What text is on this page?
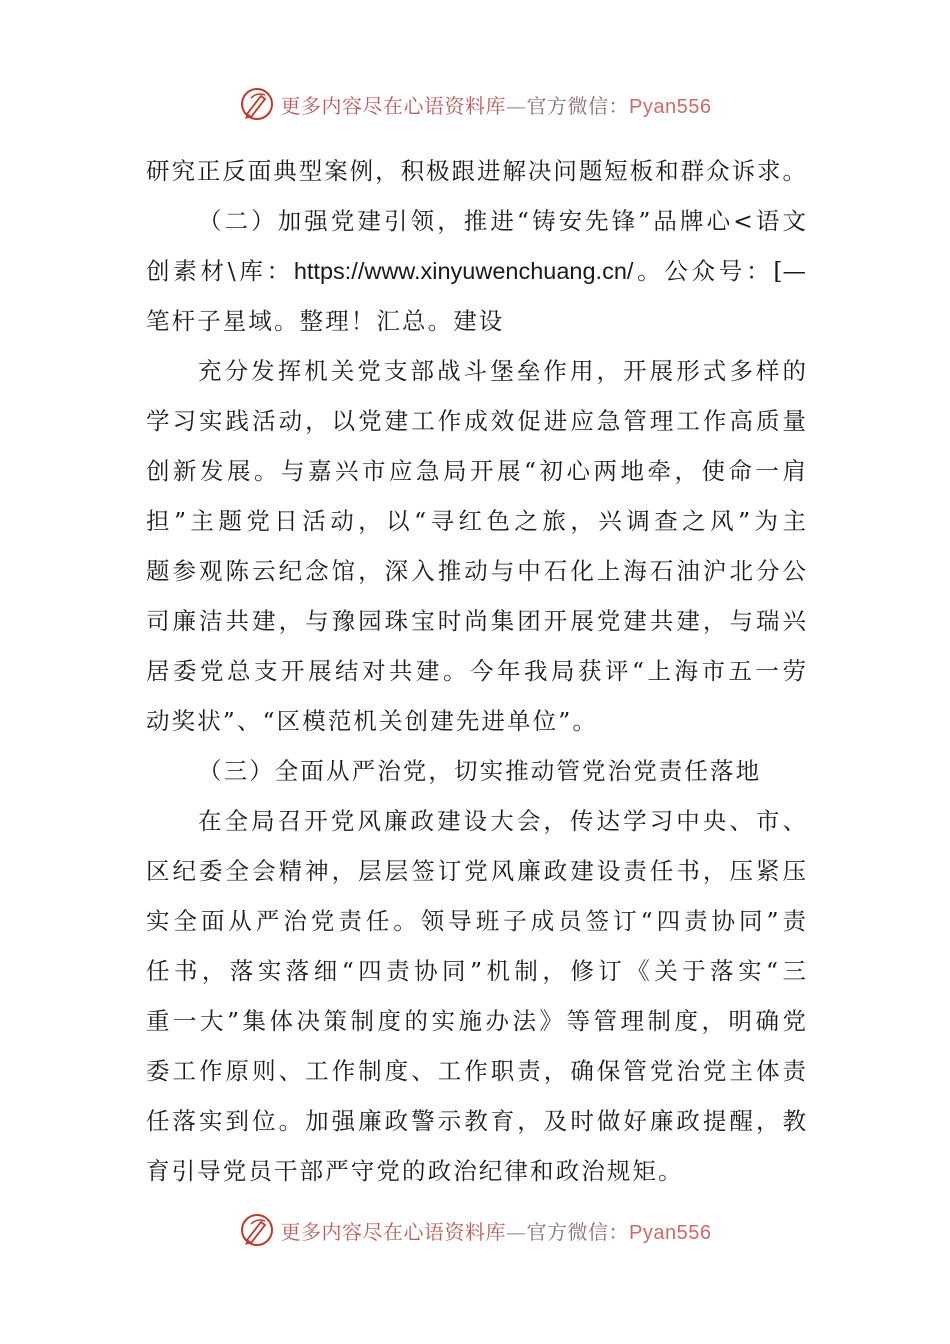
更多内容尽在心语资料库—官方微信：Pyan556
研究正反面典型案例，积极跟进解决问题短板和群众诉求。
（二）加强党建引领，推进“铸安先锋”品牌心<语文
创素材\库：https://www.xinyuwenchuang.cn/。公众号：[—
笔杆子星域。整理！汇总。建设
充分发挥机关党支部战斗堡垒作用，开展形式多样的
学习实践活动，以党建工作成效促进应急管理工作高质量
创新发展。与嘉兴市应急局开展“初心两地牵，使命一肩
担”主题党日活动，以“寻红色之旅，兴调查之风”为主
题参观陈云纪念馆，深入推动与中石化上海石油沪北分公
司廉洁共建，与豫园珠宝时尚集团开展党建共建，与瑞兴
居委党总支开展结对共建。今年我局获评“上海市五一劳
动奖状”、“区模范机关创建先进单位”。
（三）全面从严治党，切实推动管党治党责任落地
在全局召开党风廉政建设大会，传达学习中央、市、
区纪委全会精神，层层签订党风廉政建设责任书，压紧压
实全面从严治党责任。领导班子成员签订“四责协同”责
任书，落实落细“四责协同”机制，修订《关于落实“三
重一大”集体决策制度的实施办法》等管理制度，明确党
委工作原则、工作制度、工作职责，确保管党治党主体责
任落实到位。加强廉政警示教育，及时做好廉政提醒，教
育引导党员干部严守党的政治纪律和政治规矩。
更多内容尽在心语资料库—官方微信：Pyan556
